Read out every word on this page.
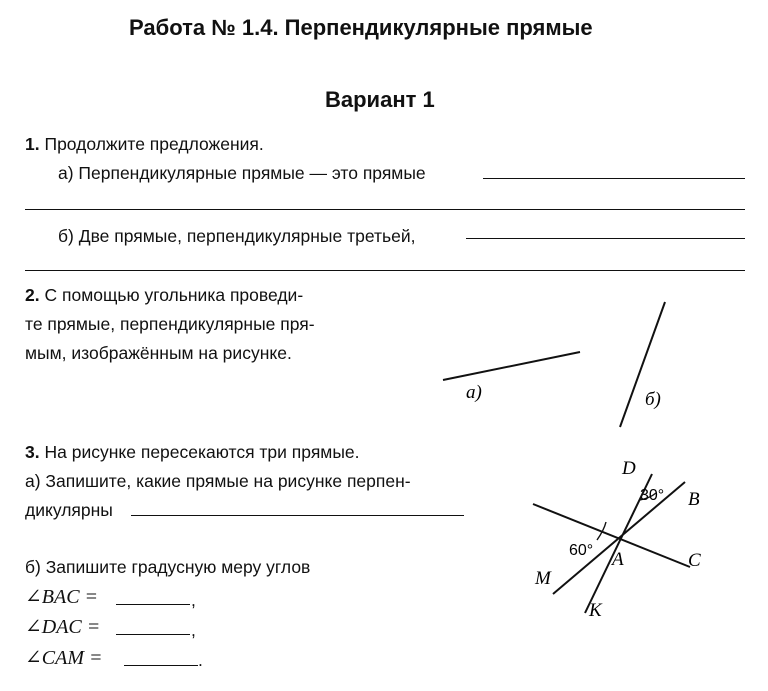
Работа № 1.4. Перпендикулярные прямые
Вариант 1
1. Продолжите предложения.
а) Перпендикулярные прямые — это прямые
б) Две прямые, перпендикулярные третьей,
2. С помощью угольника проведи-
те прямые, перпендикулярные пря-
мым, изображённым на рисунке.
3. На рисунке пересекаются три прямые.
а) Запишите, какие прямые на рисунке перпен-
дикулярны
б) Запишите градусную меру углов
∠BAC =	,
∠DAC =	,
∠CAM =	.
а)	б)
D
B
C
A
M
K
30°
60°
